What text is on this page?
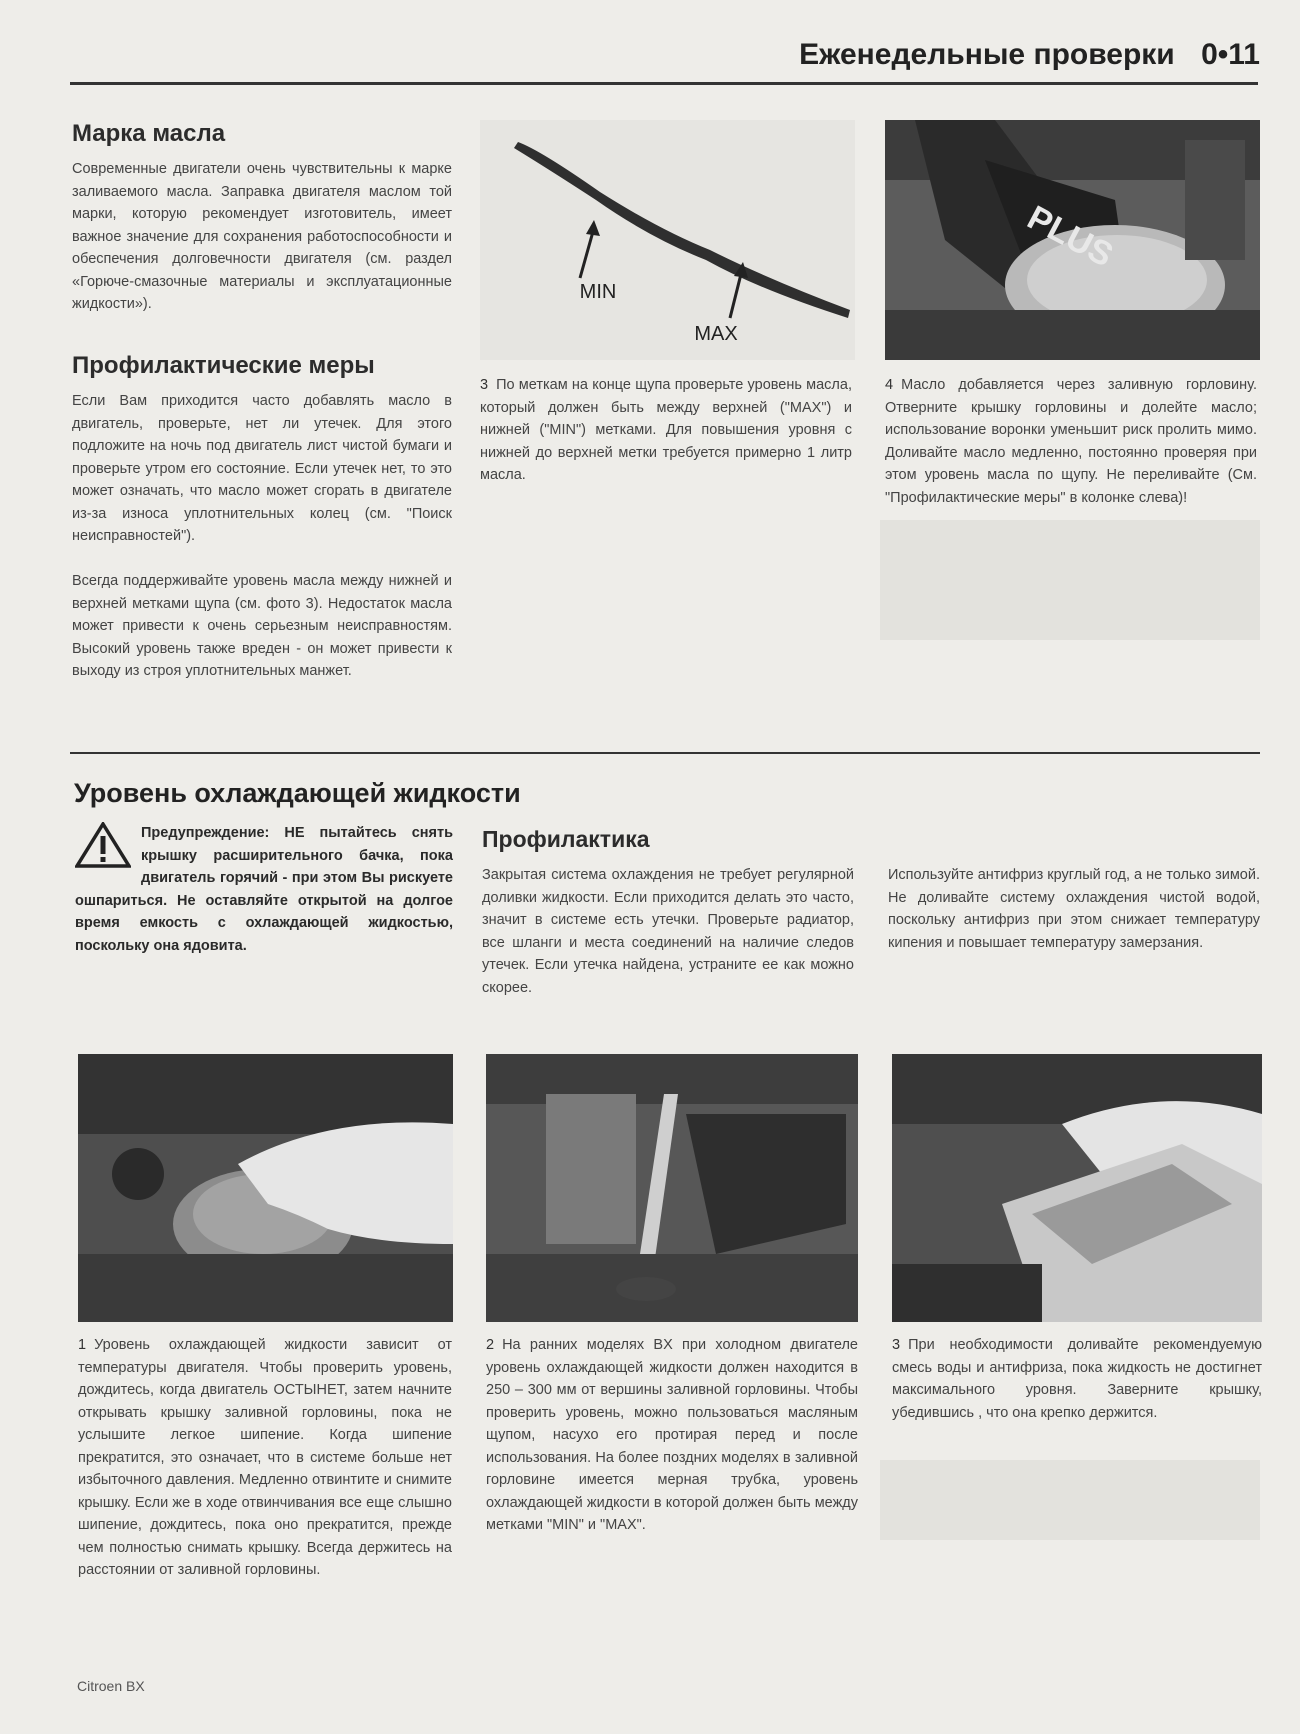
Еженедельные проверки 0•11
Марка масла

Современные двигатели очень чувствительны к марке заливаемого масла. Заправка двигателя маслом той марки, которую рекомендует изготовитель, имеет важное значение для сохранения работоспособности и обеспечения долговечности двигателя (см. раздел «Горюче-смазочные материалы и эксплуатационные жидкости»).

Профилактические меры

Если Вам приходится часто добавлять масло в двигатель, проверьте, нет ли утечек. Для этого подложите на ночь под двигатель лист чистой бумаги и проверьте утром его состояние. Если утечек нет, то это может означать, что масло может сгорать в двигателе из-за износа уплотнительных колец (см. "Поиск неисправностей").

Всегда поддерживайте уровень масла между нижней и верхней метками щупа (см. фото 3). Недостаток масла может привести к очень серьезным неисправностям. Высокий уровень также вреден - он может привести к выходу из строя уплотнительных манжет.

MIN
MAX

3 По меткам на конце щупа проверьте уровень масла, который должен быть между верхней ("MAX") и нижней ("MIN") метками. Для повышения уровня с нижней до верхней метки требуется примерно 1 литр масла.

PLUS

4 Масло добавляется через заливную горловину. Отверните крышку горловины и долейте масло; использование воронки уменьшит риск пролить мимо. Доливайте масло медленно, постоянно проверяя при этом уровень масла по щупу. Не переливайте (См. "Профилактические меры" в колонке слева)!

Уровень охлаждающей жидкости
Предупреждение: НЕ пытайтесь снять крышку расширительного бачка, пока двигатель горячий - при этом Вы рискуете ошпариться. Не оставляйте открытой на долгое время емкость с охлаждающей жидкостью, поскольку она ядовита.
Профилактика

Закрытая система охлаждения не требует регулярной доливки жидкости. Если приходится делать это часто, значит в системе есть утечки. Проверьте радиатор, все шланги и места соединений на наличие следов утечек. Если утечка найдена, устраните ее как можно скорее.

Используйте антифриз круглый год, а не только зимой. Не доливайте систему охлаждения чистой водой, поскольку антифриз при этом снижает температуру кипения и повышает температуру замерзания.

1 Уровень охлаждающей жидкости зависит от температуры двигателя. Чтобы проверить уровень, дождитесь, когда двигатель ОСТЫНЕТ, затем начните открывать крышку заливной горловины, пока не услышите легкое шипение. Когда шипение прекратится, это означает, что в системе больше нет избыточного давления. Медленно отвинтите и снимите крышку. Если же в ходе отвинчивания все еще слышно шипение, дождитесь, пока оно прекратится, прежде чем полностью снимать крышку. Всегда держитесь на расстоянии от заливной горловины.

2 На ранних моделях BX при холодном двигателе уровень охлаждающей жидкости должен находится в 250 – 300 мм от вершины заливной горловины. Чтобы проверить уровень, можно пользоваться масляным щупом, насухо его протирая перед и после использования. На более поздних моделях в заливной горловине имеется мерная трубка, уровень охлаждающей жидкости в которой должен быть между метками "MIN" и "MAX".

3 При необходимости доливайте рекомендуемую смесь воды и антифриза, пока жидкость не достигнет максимального уровня. Заверните крышку, убедившись , что она крепко держится.

Citroen BX
